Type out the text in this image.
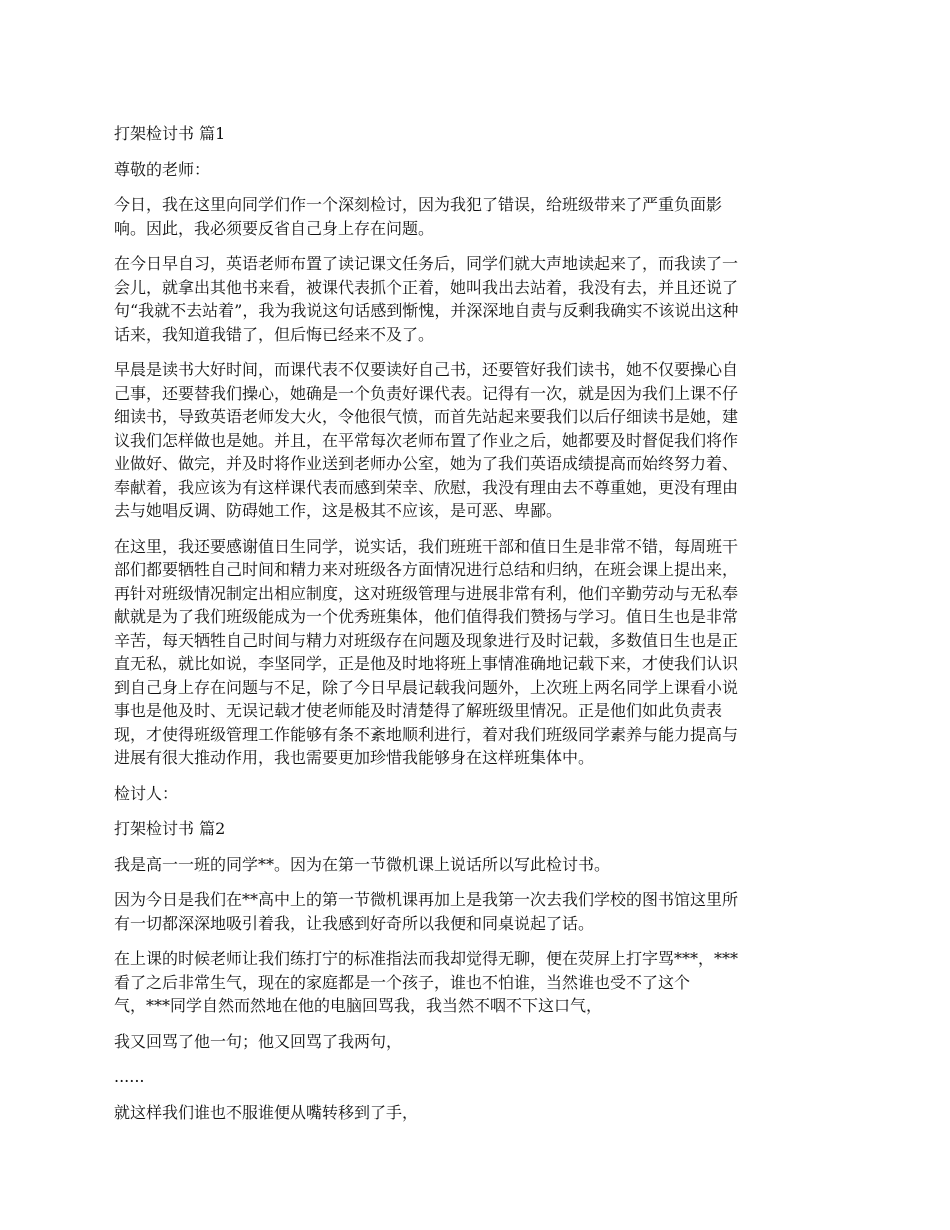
打架检讨书 篇1

尊敬的老师：

今日，我在这里向同学们作一个深刻检讨，因为我犯了错误，给班级带来了严重负面影
响。因此，我必须要反省自己身上存在问题。

在今日早自习，英语老师布置了读记课文任务后，同学们就大声地读起来了，而我读了一
会儿，就拿出其他书来看，被课代表抓个正着，她叫我出去站着，我没有去，并且还说了
句“我就不去站着”，我为我说这句话感到惭愧，并深深地自责与反剩我确实不该说出这种
话来，我知道我错了，但后悔已经来不及了。

早晨是读书大好时间，而课代表不仅要读好自己书，还要管好我们读书，她不仅要操心自
己事，还要替我们操心，她确是一个负责好课代表。记得有一次，就是因为我们上课不仔
细读书，导致英语老师发大火，令他很气愤，而首先站起来要我们以后仔细读书是她，建
议我们怎样做也是她。并且，在平常每次老师布置了作业之后，她都要及时督促我们将作
业做好、做完，并及时将作业送到老师办公室，她为了我们英语成绩提高而始终努力着、
奉献着，我应该为有这样课代表而感到荣幸、欣慰，我没有理由去不尊重她，更没有理由
去与她唱反调、防碍她工作，这是极其不应该，是可恶、卑鄙。

在这里，我还要感谢值日生同学，说实话，我们班班干部和值日生是非常不错，每周班干
部们都要牺牲自己时间和精力来对班级各方面情况进行总结和归纳，在班会课上提出来，
再针对班级情况制定出相应制度，这对班级管理与进展非常有利，他们辛勤劳动与无私奉
献就是为了我们班级能成为一个优秀班集体，他们值得我们赞扬与学习。值日生也是非常
辛苦，每天牺牲自己时间与精力对班级存在问题及现象进行及时记载，多数值日生也是正
直无私，就比如说，李坚同学，正是他及时地将班上事情准确地记载下来，才使我们认识
到自己身上存在问题与不足，除了今日早晨记载我问题外，上次班上两名同学上课看小说
事也是他及时、无误记载才使老师能及时清楚得了解班级里情况。正是他们如此负责表
现，才使得班级管理工作能够有条不紊地顺利进行，着对我们班级同学素养与能力提高与
进展有很大推动作用，我也需要更加珍惜我能够身在这样班集体中。

检讨人：

打架检讨书 篇2

我是高一一班的同学**。因为在第一节微机课上说话所以写此检讨书。

因为今日是我们在**高中上的第一节微机课再加上是我第一次去我们学校的图书馆这里所
有一切都深深地吸引着我，让我感到好奇所以我便和同桌说起了话。

在上课的时候老师让我们练打宁的标准指法而我却觉得无聊，便在荧屏上打字骂***，***
看了之后非常生气，现在的家庭都是一个孩子，谁也不怕谁，当然谁也受不了这个
气，***同学自然而然地在他的电脑回骂我，我当然不咽不下这口气，

我又回骂了他一句；他又回骂了我两句，

......

就这样我们谁也不服谁便从嘴转移到了手，
